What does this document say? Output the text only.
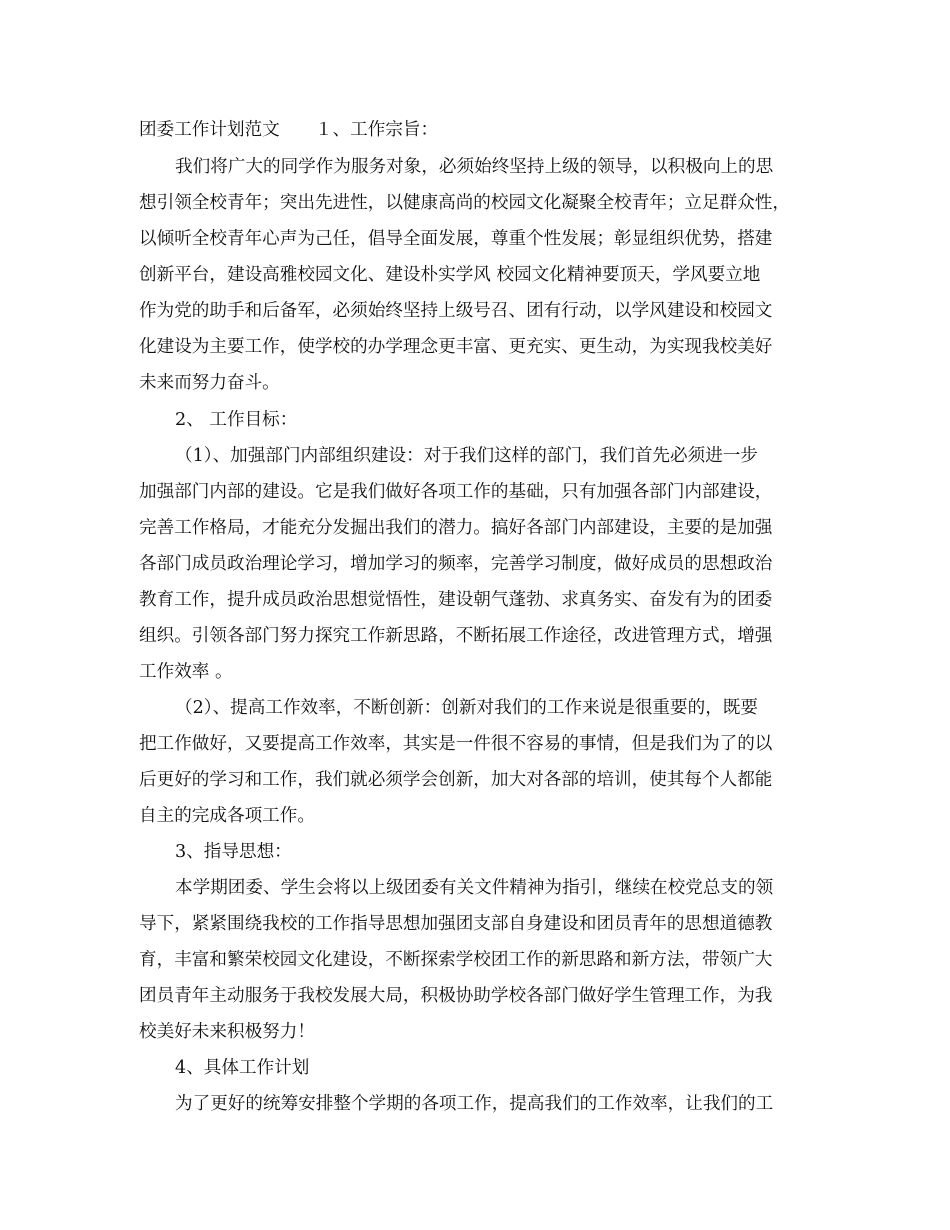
团委工作计划范文　　１、工作宗旨：
我们将广大的同学作为服务对象，必须始终坚持上级的领导，以积极向上的思
想引领全校青年；突出先进性，以健康高尚的校园文化凝聚全校青年；立足群众性，
以倾听全校青年心声为己任，倡导全面发展，尊重个性发展；彰显组织优势，搭建
创新平台，建设高雅校园文化、建设朴实学风 校园文化精神要顶天，学风要立地
作为党的助手和后备军，必须始终坚持上级号召、团有行动，以学风建设和校园文
化建设为主要工作，使学校的办学理念更丰富、更充实、更生动，为实现我校美好
未来而努力奋斗。
2、 工作目标：
（1）、加强部门内部组织建设：对于我们这样的部门，我们首先必须进一步
加强部门内部的建设。它是我们做好各项工作的基础，只有加强各部门内部建设，
完善工作格局，才能充分发掘出我们的潜力。搞好各部门内部建设，主要的是加强
各部门成员政治理论学习，增加学习的频率，完善学习制度，做好成员的思想政治
教育工作，提升成员政治思想觉悟性，建设朝气蓬勃、求真务实、奋发有为的团委
组织。引领各部门努力探究工作新思路，不断拓展工作途径，改进管理方式，增强
工作效率 。
（2）、提高工作效率，不断创新：创新对我们的工作来说是很重要的，既要
把工作做好，又要提高工作效率，其实是一件很不容易的事情，但是我们为了的以
后更好的学习和工作，我们就必须学会创新，加大对各部的培训，使其每个人都能
自主的完成各项工作。
3、指导思想：
本学期团委、学生会将以上级团委有关文件精神为指引，继续在校党总支的领
导下，紧紧围绕我校的工作指导思想加强团支部自身建设和团员青年的思想道德教
育，丰富和繁荣校园文化建设，不断探索学校团工作的新思路和新方法，带领广大
团员青年主动服务于我校发展大局，积极协助学校各部门做好学生管理工作，为我
校美好未来积极努力！
4、具体工作计划
为了更好的统筹安排整个学期的各项工作，提高我们的工作效率，让我们的工
